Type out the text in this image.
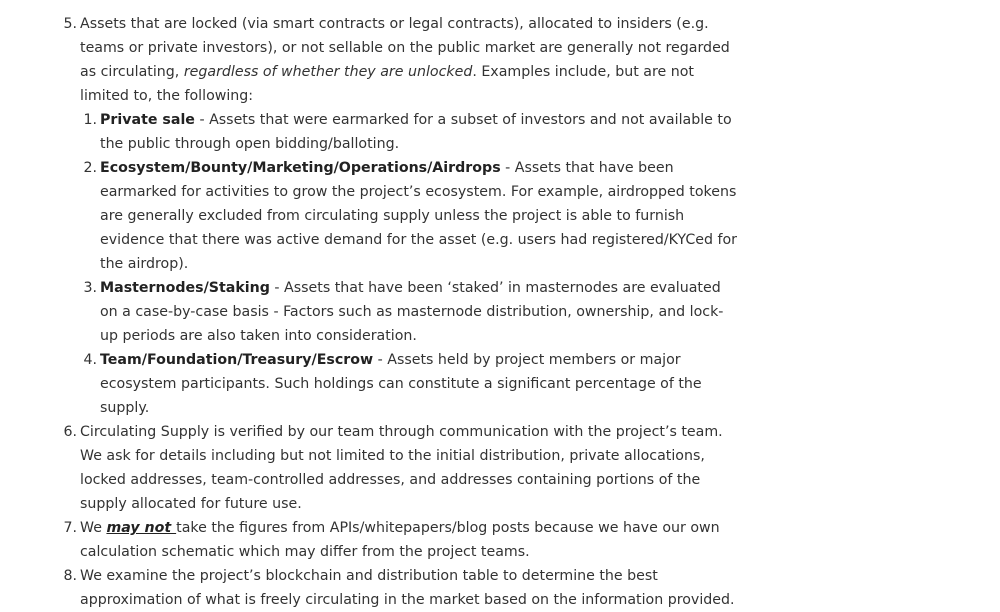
5. Assets that are locked (via smart contracts or legal contracts), allocated to insiders (e.g. teams or private investors), or not sellable on the public market are generally not regarded as circulating, regardless of whether they are unlocked. Examples include, but are not limited to, the following:
1. Private sale - Assets that were earmarked for a subset of investors and not available to the public through open bidding/balloting.
2. Ecosystem/Bounty/Marketing/Operations/Airdrops - Assets that have been earmarked for activities to grow the project’s ecosystem. For example, airdropped tokens are generally excluded from circulating supply unless the project is able to furnish evidence that there was active demand for the asset (e.g. users had registered/KYCed for the airdrop).
3. Masternodes/Staking - Assets that have been ‘staked’ in masternodes are evaluated on a case-by-case basis - Factors such as masternode distribution, ownership, and lock-up periods are also taken into consideration.
4. Team/Foundation/Treasury/Escrow - Assets held by project members or major ecosystem participants. Such holdings can constitute a significant percentage of the supply.
6. Circulating Supply is verified by our team through communication with the project’s team. We ask for details including but not limited to the initial distribution, private allocations, locked addresses, team-controlled addresses, and addresses containing portions of the supply allocated for future use.
7. We may not take the figures from APIs/whitepapers/blog posts because we have our own calculation schematic which may differ from the project teams.
8. We examine the project’s blockchain and distribution table to determine the best approximation of what is freely circulating in the market based on the information provided.
